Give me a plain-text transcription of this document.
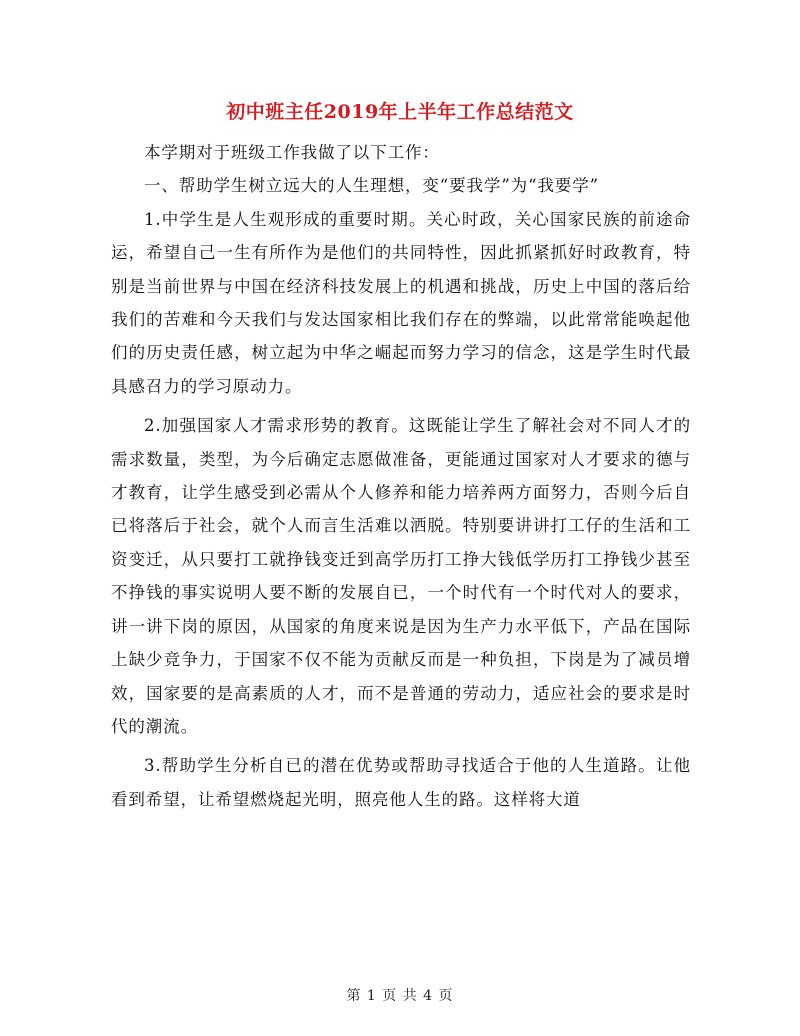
初中班主任2019年上半年工作总结范文

本学期对于班级工作我做了以下工作：

一、帮助学生树立远大的人生理想，变“要我学”为“我要学”

1.中学生是人生观形成的重要时期。关心时政，关心国家民族的前途命运，希望自己一生有所作为是他们的共同特性，因此抓紧抓好时政教育，特别是当前世界与中国在经济科技发展上的机遇和挑战，历史上中国的落后给我们的苦难和今天我们与发达国家相比我们存在的弊端，以此常常能唤起他们的历史责任感，树立起为中华之崛起而努力学习的信念，这是学生时代最具感召力的学习原动力。

2.加强国家人才需求形势的教育。这既能让学生了解社会对不同人才的需求数量，类型，为今后确定志愿做准备，更能通过国家对人才要求的德与才教育，让学生感受到必需从个人修养和能力培养两方面努力，否则今后自已将落后于社会，就个人而言生活难以洒脱。特别要讲讲打工仔的生活和工资变迁，从只要打工就挣钱变迁到高学历打工挣大钱低学历打工挣钱少甚至不挣钱的事实说明人要不断的发展自已，一个时代有一个时代对人的要求，讲一讲下岗的原因，从国家的角度来说是因为生产力水平低下，产品在国际上缺少竞争力，于国家不仅不能为贡献反而是一种负担，下岗是为了减员增效，国家要的是高素质的人才，而不是普通的劳动力，适应社会的要求是时代的潮流。

3.帮助学生分析自已的潜在优势或帮助寻找适合于他的人生道路。让他看到希望，让希望燃烧起光明，照亮他人生的路。这样将大道

第 1 页 共 4 页
